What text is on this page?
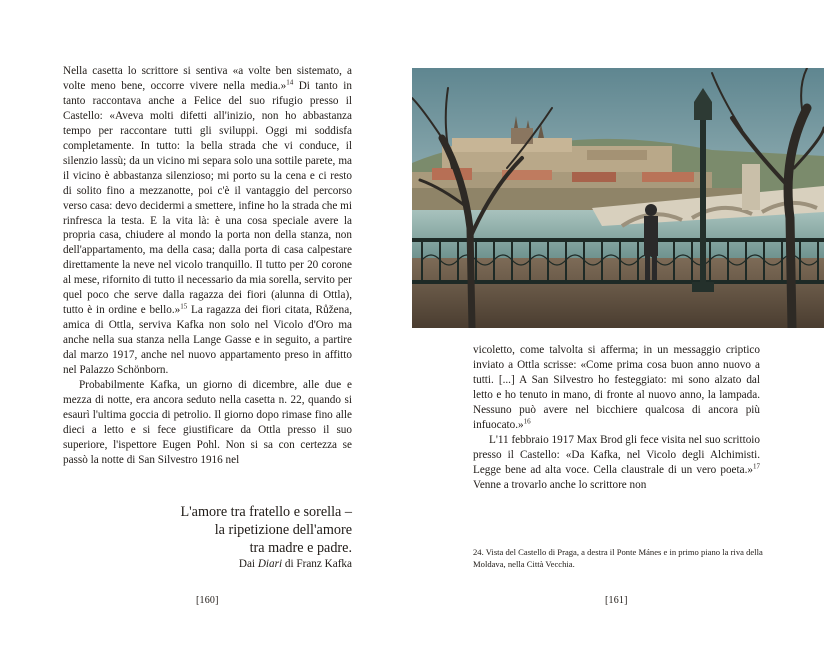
Nella casetta lo scrittore si sentiva «a volte ben sistemato, a volte meno bene, occorre vivere nella media.»$^{14}$ Di tanto in tanto raccontava anche a Felice del suo rifugio presso il Castello: «Aveva molti difetti all'inizio, non ho abbastanza tempo per raccontare tutti gli sviluppi. Oggi mi soddisfa completamente. In tutto: la bella strada che vi conduce, il silenzio lassù; da un vicino mi separa solo una sottile parete, ma il vicino è abbastanza silenzioso; mi porto su la cena e ci resto di solito fino a mezzanotte, poi c'è il vantaggio del percorso verso casa: devo decidermi a smettere, infine ho la strada che mi rinfresca la testa. E la vita là: è una cosa speciale avere la propria casa, chiudere al mondo la porta non della stanza, non dell'appartamento, ma della casa; dalla porta di casa calpestare direttamente la neve nel vicolo tranquillo. Il tutto per 20 corone al mese, rifornito di tutto il necessario da mia sorella, servito per quel poco che serve dalla ragazza dei fiori (alunna di Ottla), tutto è in ordine e bello.»$^{15}$ La ragazza dei fiori citata, Růžena, amica di Ottla, serviva Kafka non solo nel Vicolo d'Oro ma anche nella sua stanza nella Lange Gasse e in seguito, a partire dal marzo 1917, anche nel nuovo appartamento preso in affitto nel Palazzo Schönborn.

Probabilmente Kafka, un giorno di dicembre, alle due e mezza di notte, era ancora seduto nella casetta n. 22, quando si esaurì l'ultima goccia di petrolio. Il giorno dopo rimase fino alle dieci a letto e si fece giustificare da Ottla presso il suo superiore, l'ispettore Eugen Pohl. Non si sa con certezza se passò la notte di San Silvestro 1916 nel

L'amore tra fratello e sorella –
la ripetizione dell'amore
tra madre e padre.
Dai Diari di Franz Kafka
[160]

vicoletto, come talvolta si afferma; in un messaggio criptico inviato a Ottla scrisse: «Come prima cosa buon anno nuovo a tutti. [...] A San Silvestro ho festeggiato: mi sono alzato dal letto e ho tenuto in mano, di fronte al nuovo anno, la lampada. Nessuno può avere nel bicchiere qualcosa di ancora più infuocato.»$^{16}$

L'11 febbraio 1917 Max Brod gli fece visita nel suo scrittoio presso il Castello: «Da Kafka, nel Vicolo degli Alchimisti. Legge bene ad alta voce. Cella claustrale di un vero poeta.»$^{17}$ Venne a trovarlo anche lo scrittore non

24. Vista del Castello di Praga, a destra il Ponte Mánes e in primo piano la riva della Moldava, nella Città Vecchia.
[161]
